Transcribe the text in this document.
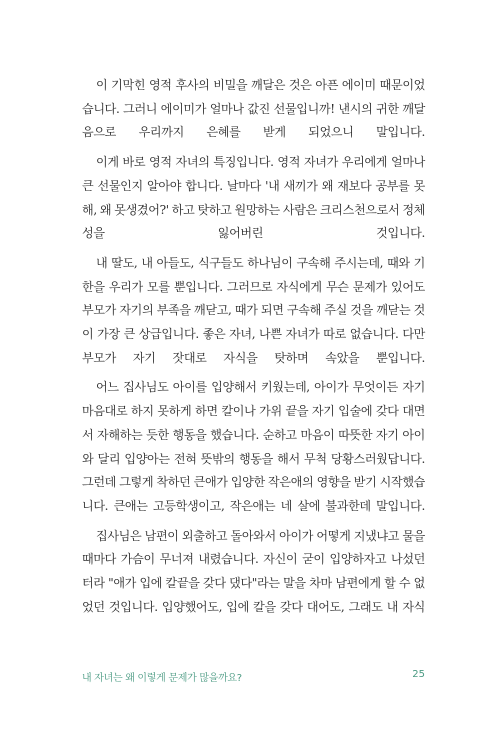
이 기막힌 영적 후사의 비밀을 깨달은 것은 아픈 에이미 때문이었습니다. 그러니 에이미가 얼마나 값진 선물입니까! 낸시의 귀한 깨달음으로 우리까지 은혜를 받게 되었으니 말입니다.

이게 바로 영적 자녀의 특징입니다. 영적 자녀가 우리에게 얼마나 큰 선물인지 알아야 합니다. 날마다 '내 새끼가 왜 재보다 공부를 못해, 왜 못생겼어?' 하고 탓하고 원망하는 사람은 크리스천으로서 정체성을 잃어버린 것입니다.

내 딸도, 내 아들도, 식구들도 하나님이 구속해 주시는데, 때와 기한을 우리가 모를 뿐입니다. 그러므로 자식에게 무슨 문제가 있어도 부모가 자기의 부족을 깨닫고, 때가 되면 구속해 주실 것을 깨닫는 것이 가장 큰 상급입니다. 좋은 자녀, 나쁜 자녀가 따로 없습니다. 다만 부모가 자기 잣대로 자식을 탓하며 속았을 뿐입니다.

어느 집사님도 아이를 입양해서 키웠는데, 아이가 무엇이든 자기 마음대로 하지 못하게 하면 칼이나 가위 끝을 자기 입술에 갖다 대면서 자해하는 듯한 행동을 했습니다. 순하고 마음이 따뜻한 자기 아이와 달리 입양아는 전혀 뜻밖의 행동을 해서 무척 당황스러웠답니다. 그런데 그렇게 착하던 큰애가 입양한 작은애의 영향을 받기 시작했습니다. 큰애는 고등학생이고, 작은애는 네 살에 불과한데 말입니다.

집사님은 남편이 외출하고 돌아와서 아이가 어떻게 지냈냐고 물을 때마다 가슴이 무너져 내렸습니다. 자신이 굳이 입양하자고 나섰던 터라 "애가 입에 칼끝을 갖다 댔다"라는 말을 차마 남편에게 할 수 없었던 것입니다. 입양했어도, 입에 칼을 갖다 대어도, 그래도 내 자식

내 자녀는 왜 이렇게 문제가 많을까요?	25
